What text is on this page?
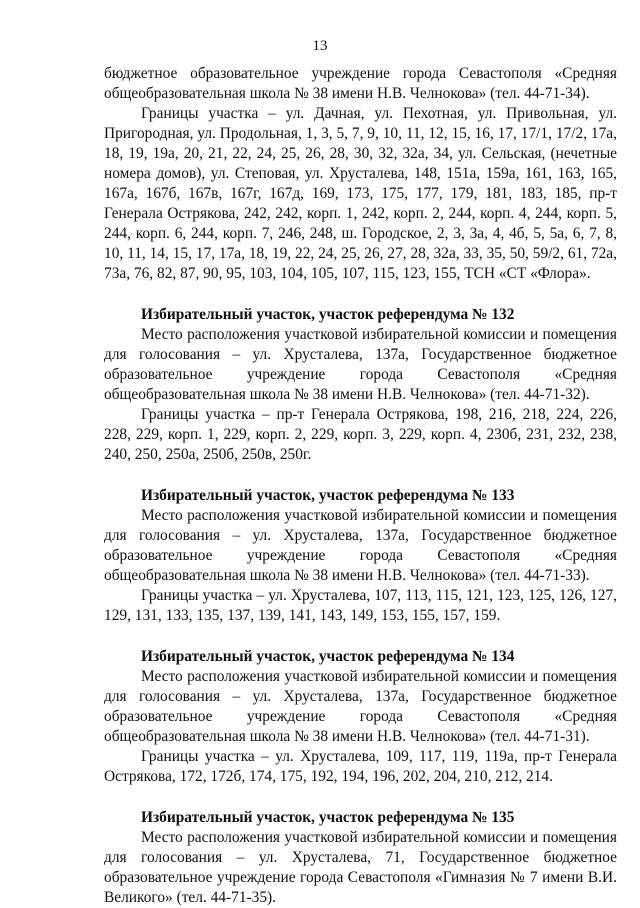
13

бюджетное образовательное учреждение города Севастополя «Средняя общеобразовательная школа № 38 имени Н.В. Челнокова» (тел. 44-71-34).

Границы участка – ул. Дачная, ул. Пехотная, ул. Привольная, ул. Пригородная, ул. Продольная, 1, 3, 5, 7, 9, 10, 11, 12, 15, 16, 17, 17/1, 17/2, 17а, 18, 19, 19а, 20, 21, 22, 24, 25, 26, 28, 30, 32, 32а, 34, ул. Сельская, (нечетные номера домов), ул. Степовая, ул. Хрусталева, 148, 151а, 159а, 161, 163, 165, 167а, 167б, 167в, 167г, 167д, 169, 173, 175, 177, 179, 181, 183, 185, пр-т Генерала Острякова, 242, 242, корп. 1, 242, корп. 2, 244, корп. 4, 244, корп. 5, 244, корп. 6, 244, корп. 7, 246, 248, ш. Городское, 2, 3, 3а, 4, 4б, 5, 5а, 6, 7, 8, 10, 11, 14, 15, 17, 17а, 18, 19, 22, 24, 25, 26, 27, 28, 32а, 33, 35, 50, 59/2, 61, 72а, 73а, 76, 82, 87, 90, 95, 103, 104, 105, 107, 115, 123, 155, ТСН «СТ «Флора».

Избирательный участок, участок референдума № 132

Место расположения участковой избирательной комиссии и помещения для голосования – ул. Хрусталева, 137а, Государственное бюджетное образовательное учреждение города Севастополя «Средняя общеобразовательная школа № 38 имени Н.В. Челнокова» (тел. 44-71-32).

Границы участка – пр-т Генерала Острякова, 198, 216, 218, 224, 226, 228, 229, корп. 1, 229, корп. 2, 229, корп. 3, 229, корп. 4, 230б, 231, 232, 238, 240, 250, 250а, 250б, 250в, 250г.

Избирательный участок, участок референдума № 133

Место расположения участковой избирательной комиссии и помещения для голосования – ул. Хрусталева, 137а, Государственное бюджетное образовательное учреждение города Севастополя «Средняя общеобразовательная школа № 38 имени Н.В. Челнокова» (тел. 44-71-33).

Границы участка – ул. Хрусталева, 107, 113, 115, 121, 123, 125, 126, 127, 129, 131, 133, 135, 137, 139, 141, 143, 149, 153, 155, 157, 159.

Избирательный участок, участок референдума № 134

Место расположения участковой избирательной комиссии и помещения для голосования – ул. Хрусталева, 137а, Государственное бюджетное образовательное учреждение города Севастополя «Средняя общеобразовательная школа № 38 имени Н.В. Челнокова» (тел. 44-71-31).

Границы участка – ул. Хрусталева, 109, 117, 119, 119а, пр-т Генерала Острякова, 172, 172б, 174, 175, 192, 194, 196, 202, 204, 210, 212, 214.

Избирательный участок, участок референдума № 135

Место расположения участковой избирательной комиссии и помещения для голосования – ул. Хрусталева, 71, Государственное бюджетное образовательное учреждение города Севастополя «Гимназия № 7 имени В.И. Великого» (тел. 44-71-35).
